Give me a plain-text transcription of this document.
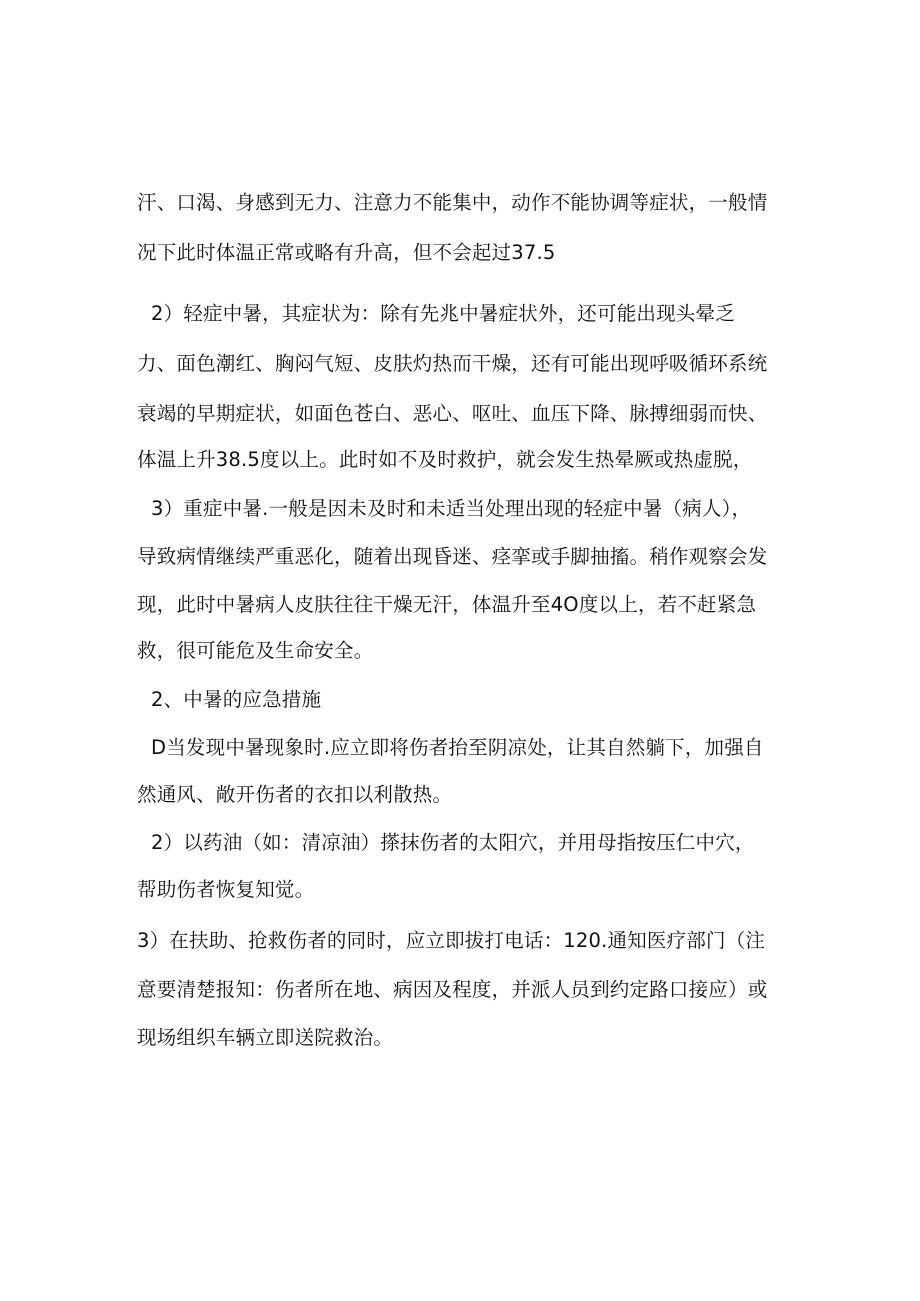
汗、口渴、身感到无力、注意力不能集中，动作不能协调等症状，一般情
况下此时体温正常或略有升高，但不会起过37.5
2）轻症中暑，其症状为：除有先兆中暑症状外，还可能出现头晕乏
力、面色潮红、胸闷气短、皮肤灼热而干燥，还有可能出现呼吸循环系统
衰竭的早期症状，如面色苍白、恶心、呕吐、血压下降、脉搏细弱而快、
体温上升38.5度以上。此时如不及时救护，就会发生热晕厥或热虚脱，
3）重症中暑.一般是因未及时和未适当处理出现的轻症中暑（病人），
导致病情继续严重恶化，随着出现昏迷、痉挛或手脚抽搐。稍作观察会发
现，此时中暑病人皮肤往往干燥无汗，体温升至4O度以上，若不赶紧急
救，很可能危及生命安全。
2、中暑的应急措施
D当发现中暑现象时.应立即将伤者抬至阴凉处，让其自然躺下，加强自
然通风、敞开伤者的衣扣以利散热。
2）以药油（如：清凉油）搽抹伤者的太阳穴，并用母指按压仁中穴，
帮助伤者恢复知觉。
3）在扶助、抢救伤者的同时，应立即拔打电话：120.通知医疗部门（注
意要清楚报知：伤者所在地、病因及程度，并派人员到约定路口接应）或
现场组织车辆立即送院救治。
